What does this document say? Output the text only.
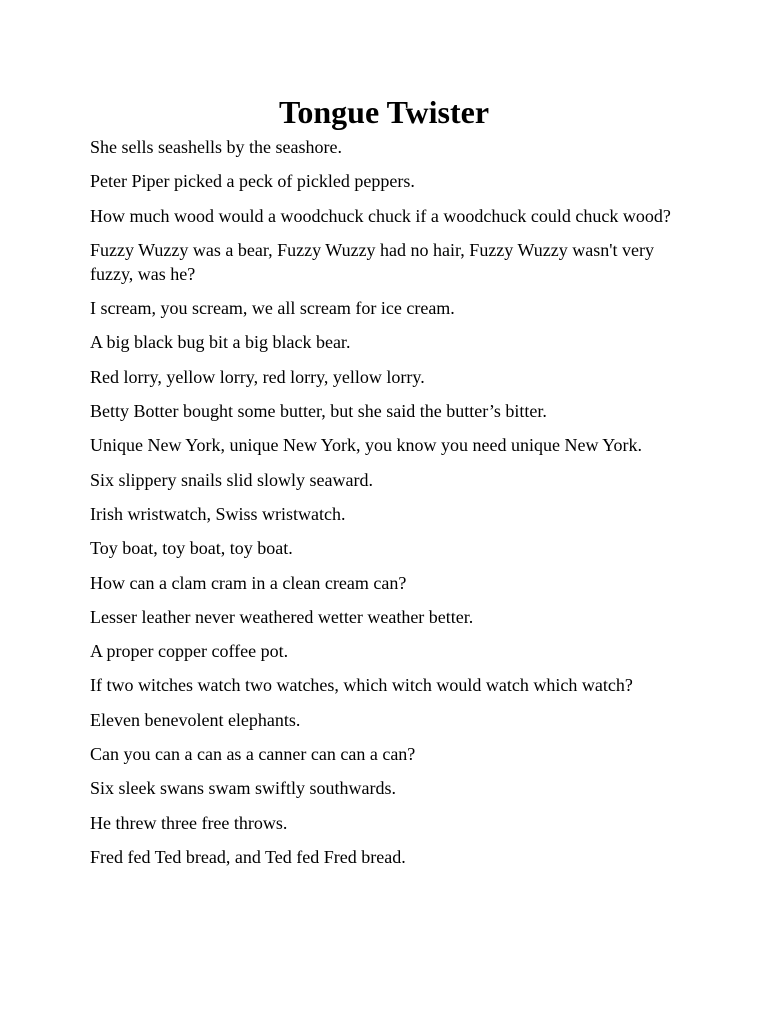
Tongue Twister
She sells seashells by the seashore.
Peter Piper picked a peck of pickled peppers.
How much wood would a woodchuck chuck if a woodchuck could chuck wood?
Fuzzy Wuzzy was a bear, Fuzzy Wuzzy had no hair, Fuzzy Wuzzy wasn't very fuzzy, was he?
I scream, you scream, we all scream for ice cream.
A big black bug bit a big black bear.
Red lorry, yellow lorry, red lorry, yellow lorry.
Betty Botter bought some butter, but she said the butter’s bitter.
Unique New York, unique New York, you know you need unique New York.
Six slippery snails slid slowly seaward.
Irish wristwatch, Swiss wristwatch.
Toy boat, toy boat, toy boat.
How can a clam cram in a clean cream can?
Lesser leather never weathered wetter weather better.
A proper copper coffee pot.
If two witches watch two watches, which witch would watch which watch?
Eleven benevolent elephants.
Can you can a can as a canner can can a can?
Six sleek swans swam swiftly southwards.
He threw three free throws.
Fred fed Ted bread, and Ted fed Fred bread.
